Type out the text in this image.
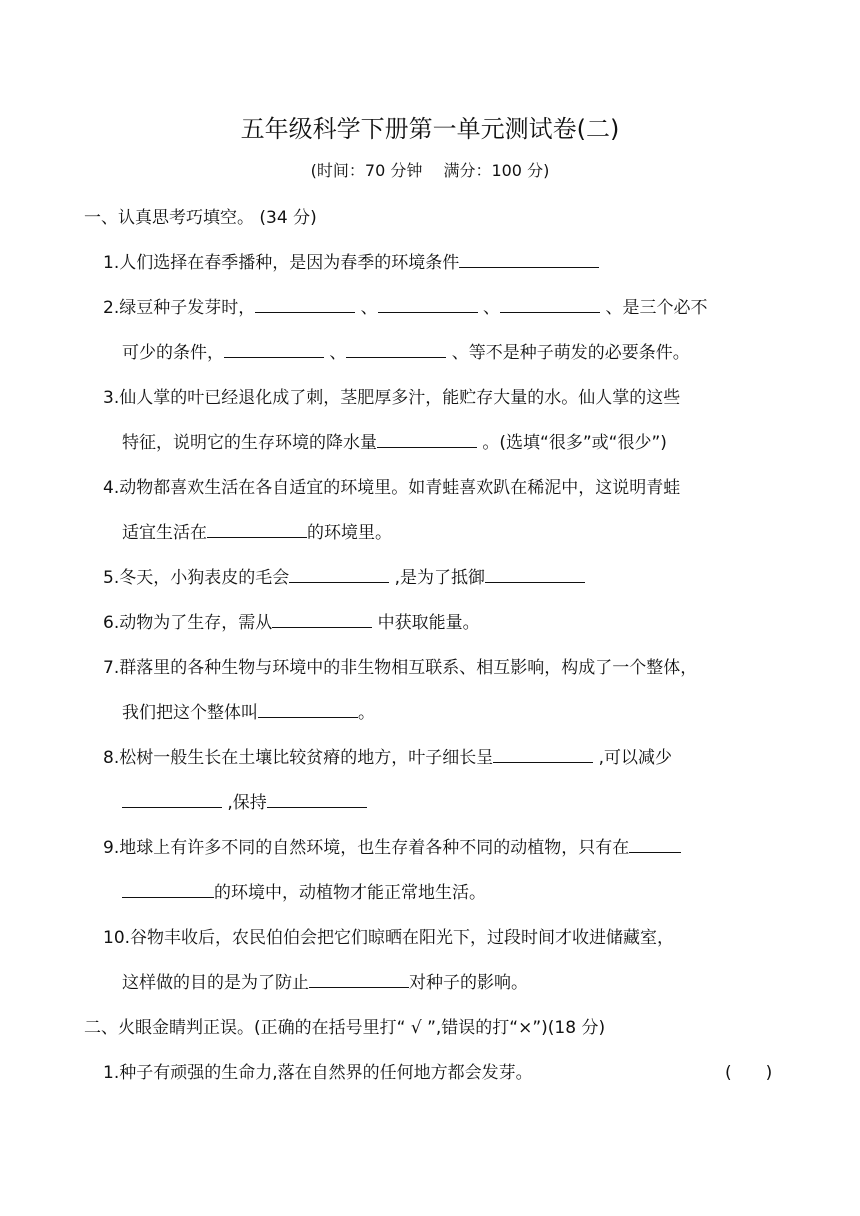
五年级科学下册第一单元测试卷(二)
(时间：70 分钟　 满分：100 分)
一、认真思考巧填空。 (34 分)
1.人们选择在春季播种，是因为春季的环境条件
2.绿豆种子发芽时，	、	、	、是三个必不
可少的条件，	、	、等不是种子萌发的必要条件。
3.仙人掌的叶已经退化成了刺，茎肥厚多汁，能贮存大量的水。仙人掌的这些
特征，说明它的生存环境的降水量	。(选填“很多”或“很少”)
4.动物都喜欢生活在各自适宜的环境里。如青蛙喜欢趴在稀泥中，这说明青蛙
适宜生活在	的环境里。
5.冬天，小狗表皮的毛会	,是为了抵御
6.动物为了生存，需从	中获取能量。
7.群落里的各种生物与环境中的非生物相互联系、相互影响，构成了一个整体，
我们把这个整体叫	。
8.松树一般生长在土壤比较贫瘠的地方，叶子细长呈	,可以减少
,保持
9.地球上有许多不同的自然环境，也生存着各种不同的动植物，只有在
的环境中，动植物才能正常地生活。
10.谷物丰收后，农民伯伯会把它们晾晒在阳光下，过段时间才收进储藏室，
这样做的目的是为了防止	对种子的影响。
二、火眼金睛判正误。(正确的在括号里打“ √ ”,错误的打“×”)(18 分)
1.种子有顽强的生命力,落在自然界的任何地方都会发芽。	(　　)
